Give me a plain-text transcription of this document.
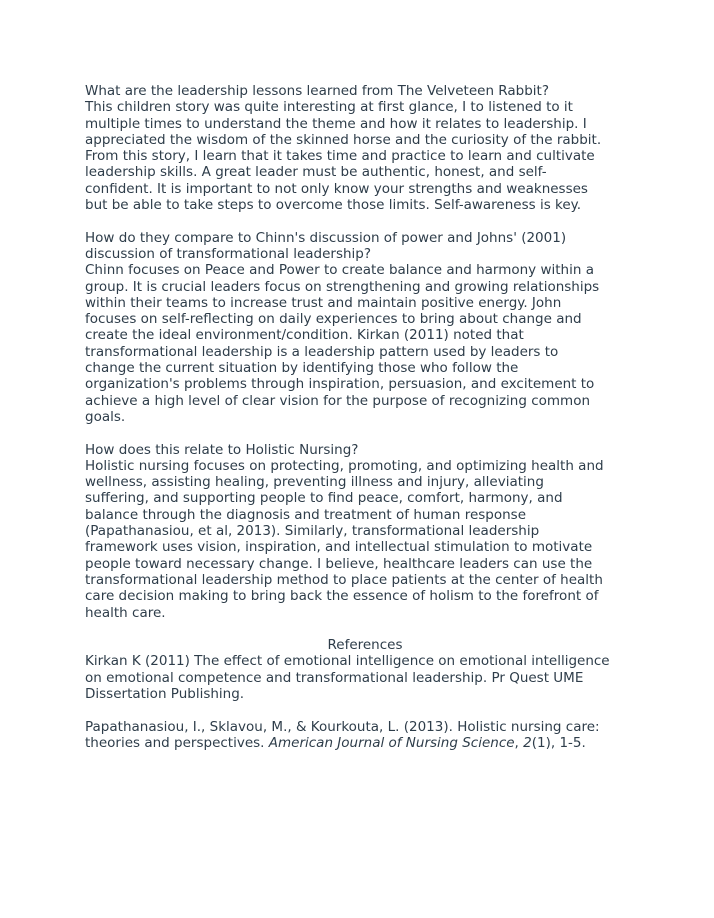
What are the leadership lessons learned from The Velveteen Rabbit?
This children story was quite interesting at first glance, I to listened to it
multiple times to understand the theme and how it relates to leadership. I
appreciated the wisdom of the skinned horse and the curiosity of the rabbit.
From this story, I learn that it takes time and practice to learn and cultivate
leadership skills. A great leader must be authentic, honest, and self-
confident. It is important to not only know your strengths and weaknesses
but be able to take steps to overcome those limits. Self-awareness is key.
How do they compare to Chinn's discussion of power and Johns' (2001)
discussion of transformational leadership?
Chinn focuses on Peace and Power to create balance and harmony within a
group. It is crucial leaders focus on strengthening and growing relationships
within their teams to increase trust and maintain positive energy. John
focuses on self-reflecting on daily experiences to bring about change and
create the ideal environment/condition. Kirkan (2011) noted that
transformational leadership is a leadership pattern used by leaders to
change the current situation by identifying those who follow the
organization's problems through inspiration, persuasion, and excitement to
achieve a high level of clear vision for the purpose of recognizing common
goals.
How does this relate to Holistic Nursing?
Holistic nursing focuses on protecting, promoting, and optimizing health and
wellness, assisting healing, preventing illness and injury, alleviating
suffering, and supporting people to find peace, comfort, harmony, and
balance through the diagnosis and treatment of human response
(Papathanasiou, et al, 2013). Similarly, transformational leadership
framework uses vision, inspiration, and intellectual stimulation to motivate
people toward necessary change. I believe, healthcare leaders can use the
transformational leadership method to place patients at the center of health
care decision making to bring back the essence of holism to the forefront of
health care.
References
Kirkan K (2011) The effect of emotional intelligence on emotional intelligence
on emotional competence and transformational leadership. Pr Quest UME
Dissertation Publishing.
Papathanasiou, I., Sklavou, M., & Kourkouta, L. (2013). Holistic nursing care:
theories and perspectives. American Journal of Nursing Science, 2(1), 1-5.
